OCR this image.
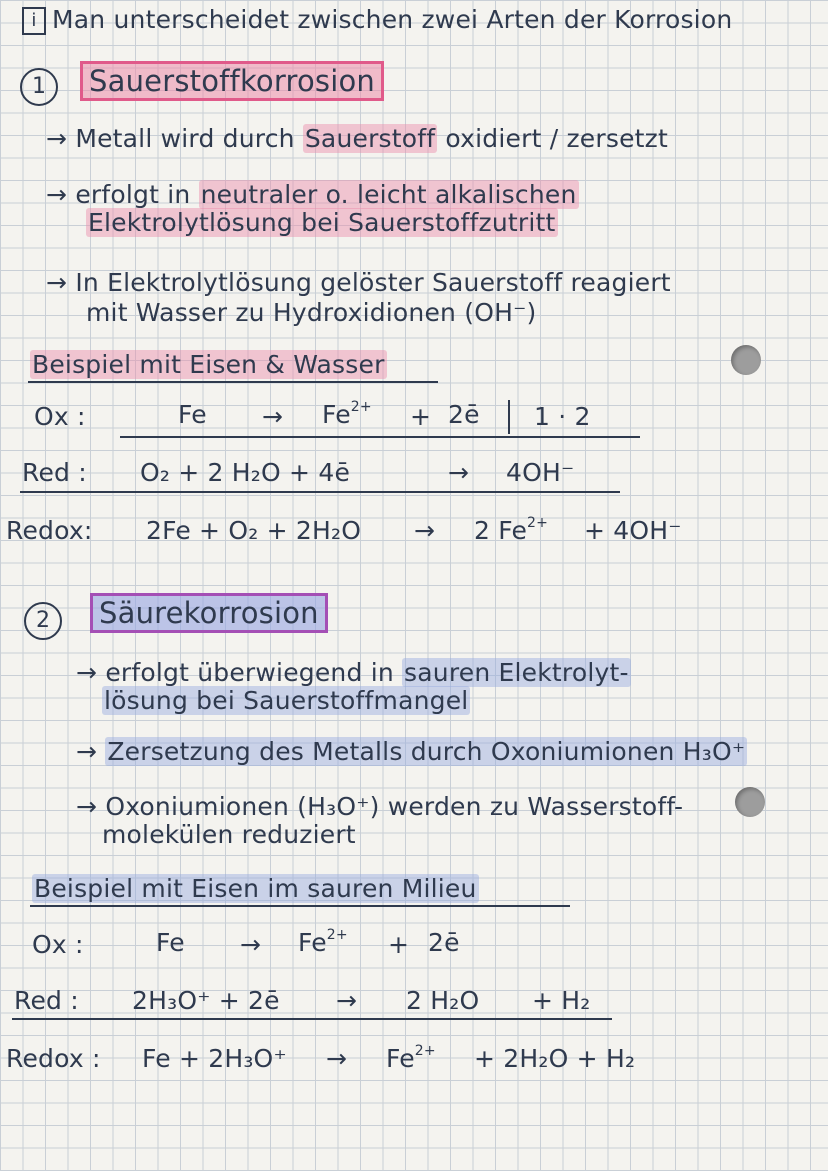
i Man unterscheidet zwischen zwei Arten der Korrosion
1	Sauerstoffkorrosion
→ Metall wird durch Sauerstoff oxidiert / zersetzt
→ erfolgt in neutraler o. leicht alkalischen
Elektrolytlösung bei Sauerstoffzutritt
→ In Elektrolytlösung gelöster Sauerstoff reagiert
mit Wasser zu Hydroxidionen (OH⁻)
Beispiel mit Eisen & Wasser
Ox :	$Fe \to Fe^{2+}$ + 2ē 1 · 2
Red : O₂ + 2 H₂O + 4ē	→ 4OH⁻
Redox: 2Fe + O₂ + 2H₂O → 2 $Fe^{2+} + 4OH^-$
2	Säurekorrosion
→ erfolgt überwiegend in sauren Elektrolyt-
lösung bei Sauerstoffmangel
→ Zersetzung des Metalls durch Oxoniumionen H₃O⁺
→ Oxoniumionen (H₃O⁺) werden zu Wasserstoff-
molekülen reduziert
Beispiel mit Eisen im sauren Milieu
Ox :	$Fe \to Fe^{2+}$ + 2ē
Red : 2H₃O⁺ + 2ē → 2 H₂O + H₂
Redox : $Fe + 2H_3O^+ \to Fe^{2+} + 2H_2O + H_2$
